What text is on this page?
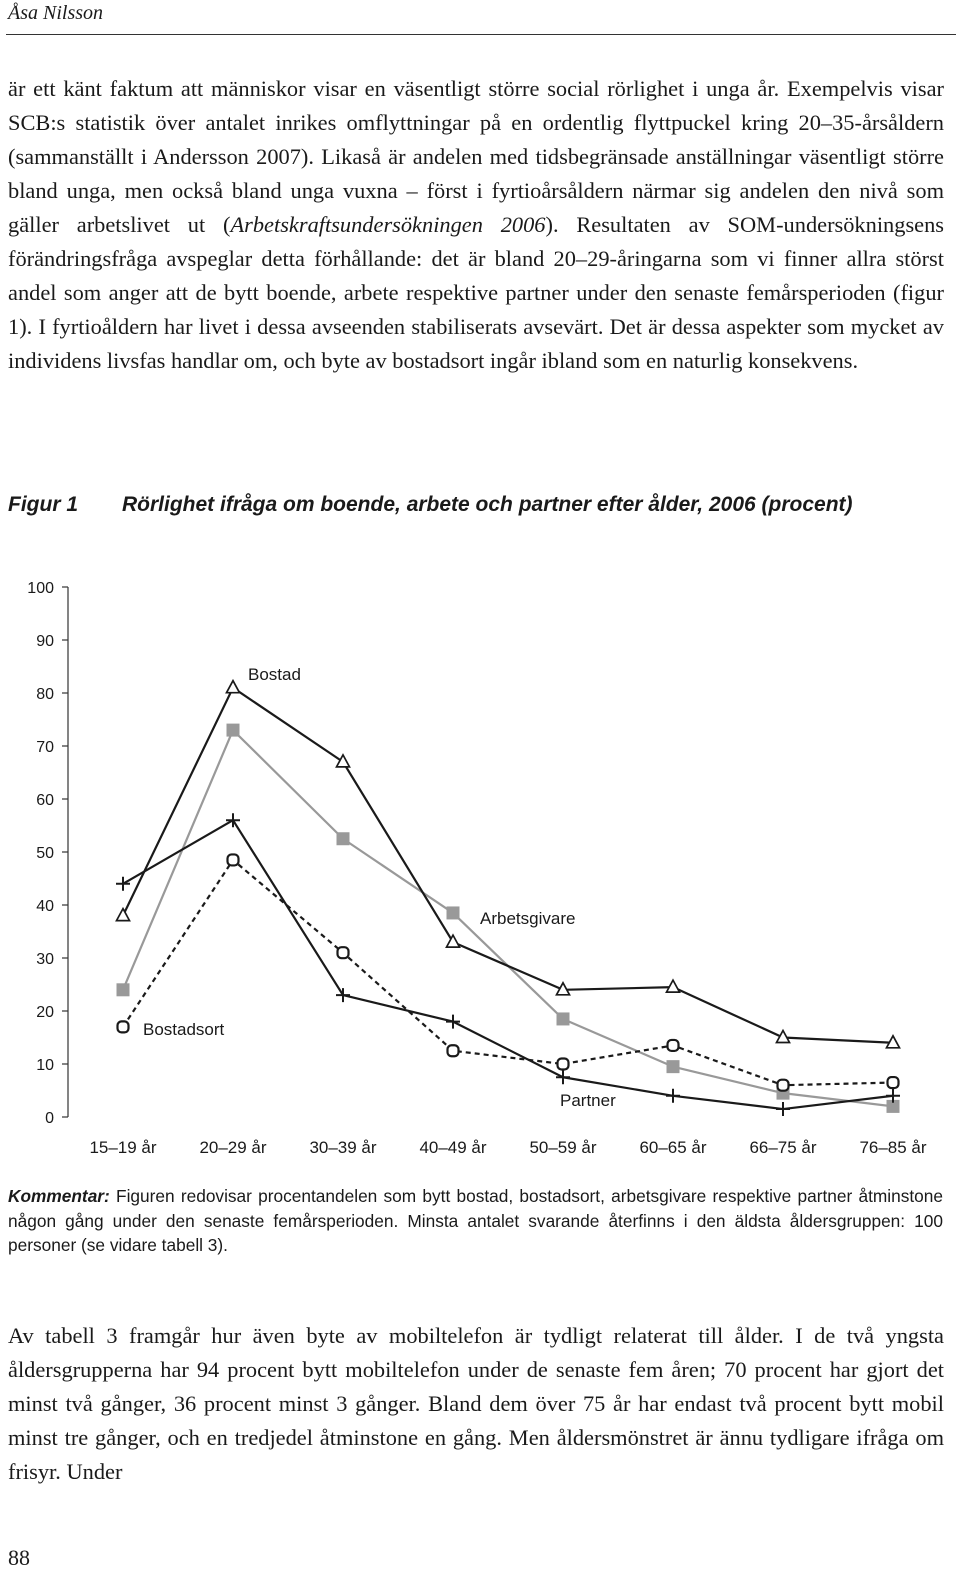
Åsa Nilsson

är ett känt faktum att människor visar en väsentligt större social rörlighet i unga år. Exempelvis visar SCB:s statistik över antalet inrikes omflyttningar på en ordentlig flyttpuckel kring 20–35-årsåldern (sammanställt i Andersson 2007). Likaså är andelen med tidsbegränsade anställningar väsentligt större bland unga, men också bland unga vuxna – först i fyrtioårsåldern närmar sig andelen den nivå som gäller arbetslivet ut (Arbetskraftsundersökningen 2006). Resultaten av SOM-undersökningsens förändringsfråga avspeglar detta förhållande: det är bland 20–29-åringarna som vi finner allra störst andel som anger att de bytt boende, arbete respektive partner under den senaste femårsperioden (figur 1). I fyrtioåldern har livet i dessa avseenden stabiliserats avsevärt. Det är dessa aspekter som mycket av individens livsfas handlar om, och byte av bostadsort ingår ibland som en naturlig konsekvens.

Figur 1 Rörlighet ifråga om boende, arbete och partner efter ålder, 2006 (procent)
0
10
20
30
40
50
60
70
80
90
100
15–19 år	20–29 år	30–39 år	40–49 år	50–59 år	60–65 år	66–75 år	76–85 år
Bostad
Arbetsgivare
Bostadsort
Partner

Kommentar: Figuren redovisar procentandelen som bytt bostad, bostadsort, arbetsgivare respektive partner åtminstone någon gång under den senaste femårsperioden. Minsta antalet svarande återfinns i den äldsta åldersgruppen: 100 personer (se vidare tabell 3).

Av tabell 3 framgår hur även byte av mobiltelefon är tydligt relaterat till ålder. I de två yngsta åldersgrupperna har 94 procent bytt mobiltelefon under de senaste fem åren; 70 procent har gjort det minst två gånger, 36 procent minst 3 gånger. Bland dem över 75 år har endast två procent bytt mobil minst tre gånger, och en tredjedel åtminstone en gång. Men åldersmönstret är ännu tydligare ifråga om frisyr. Under

88
